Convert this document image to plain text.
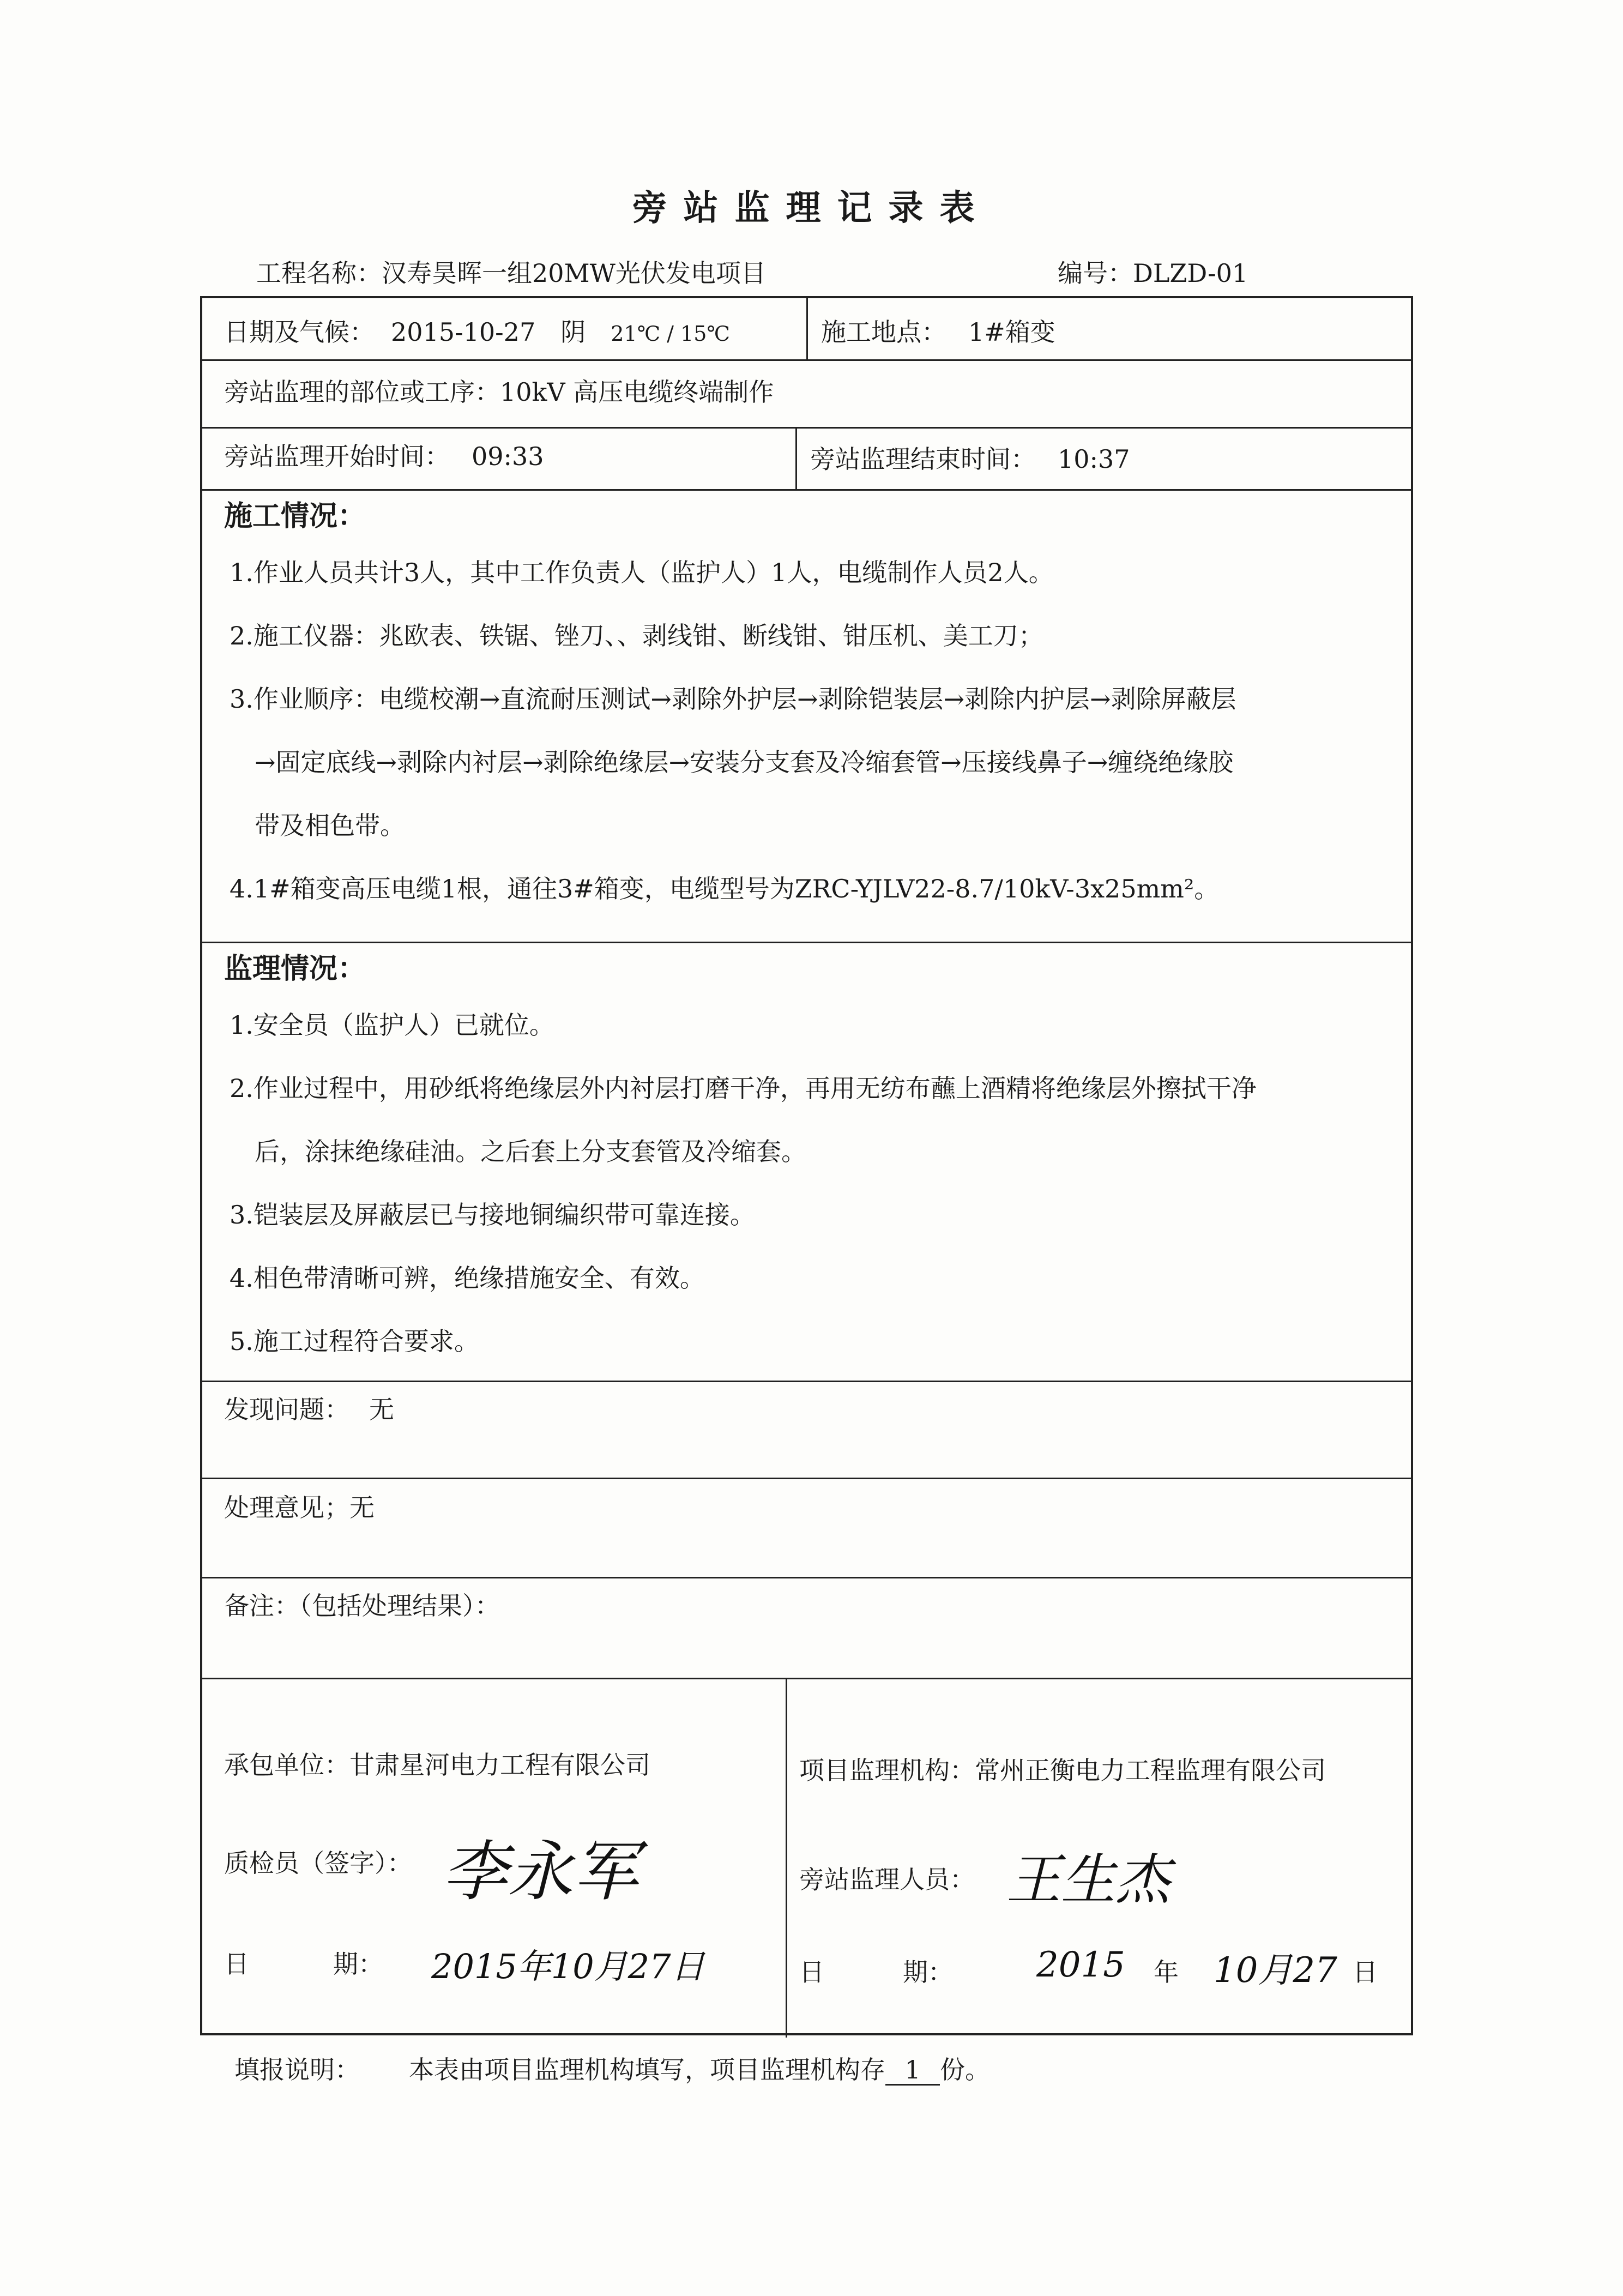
旁站监理记录表
工程名称：汉寿昊晖一组20MW光伏发电项目	编号：DLZD-01
日期及气候： 2015-10-27 阴 21℃ / 15℃	施工地点： 1#箱变
旁站监理的部位或工序：10kV 高压电缆终端制作
旁站监理开始时间： 09:33	旁站监理结束时间： 10:37
施工情况：

1.作业人员共计3人，其中工作负责人（监护人）1人，电缆制作人员2人。

2.施工仪器：兆欧表、铁锯、锉刀、、剥线钳、断线钳、钳压机、美工刀；

3.作业顺序：电缆校潮→直流耐压测试→剥除外护层→剥除铠装层→剥除内护层→剥除屏蔽层

→固定底线→剥除内衬层→剥除绝缘层→安装分支套及冷缩套管→压接线鼻子→缠绕绝缘胶

带及相色带。

4.1#箱变高压电缆1根，通往3#箱变，电缆型号为ZRC-YJLV22-8.7/10kV-3x25mm²。

监理情况：

1.安全员（监护人）已就位。

2.作业过程中，用砂纸将绝缘层外内衬层打磨干净，再用无纺布蘸上酒精将绝缘层外擦拭干净

后，涂抹绝缘硅油。之后套上分支套管及冷缩套。

3.铠装层及屏蔽层已与接地铜编织带可靠连接。

4.相色带清晰可辨，绝缘措施安全、有效。

5.施工过程符合要求。

发现问题： 无
处理意见；无
备注：（包括处理结果）：
承包单位：甘肃星河电力工程有限公司
质检员（签字）： 李永军
日	期： 2015年10月27日
项目监理机构：常州正衡电力工程监理有限公司
旁站监理人员： 王生杰
日	期： 2015 年 10月27 日
填报说明： 本表由项目监理机构填写，项目监理机构存 1 份。
